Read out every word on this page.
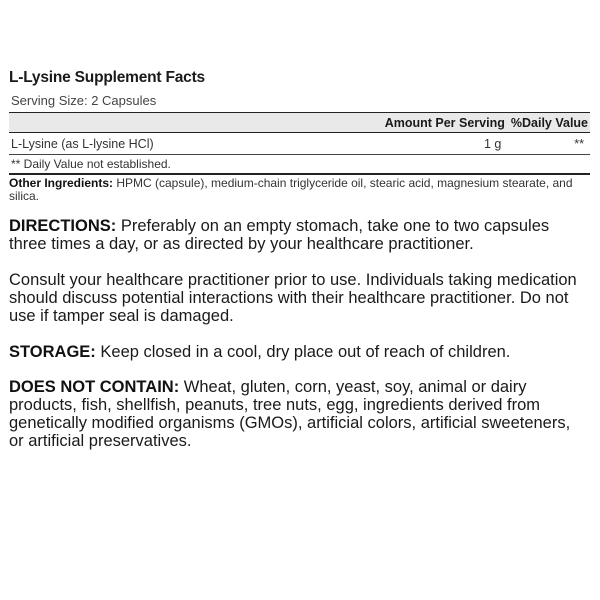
L-Lysine Supplement Facts
Serving Size: 2 Capsules
Amount Per Serving %Daily Value
L-Lysine (as L-lysine HCl)	1 g	**
** Daily Value not established.
Other Ingredients: HPMC (capsule), medium-chain triglyceride oil, stearic acid, magnesium stearate, and silica.

DIRECTIONS: Preferably on an empty stomach, take one to two capsules three times a day, or as directed by your healthcare practitioner.

Consult your healthcare practitioner prior to use. Individuals taking medication should discuss potential interactions with their healthcare practitioner. Do not use if tamper seal is damaged.

STORAGE: Keep closed in a cool, dry place out of reach of children.

DOES NOT CONTAIN: Wheat, gluten, corn, yeast, soy, animal or dairy products, fish, shellfish, peanuts, tree nuts, egg, ingredients derived from genetically modified organisms (GMOs), artificial colors, artificial sweeteners, or artificial preservatives.
